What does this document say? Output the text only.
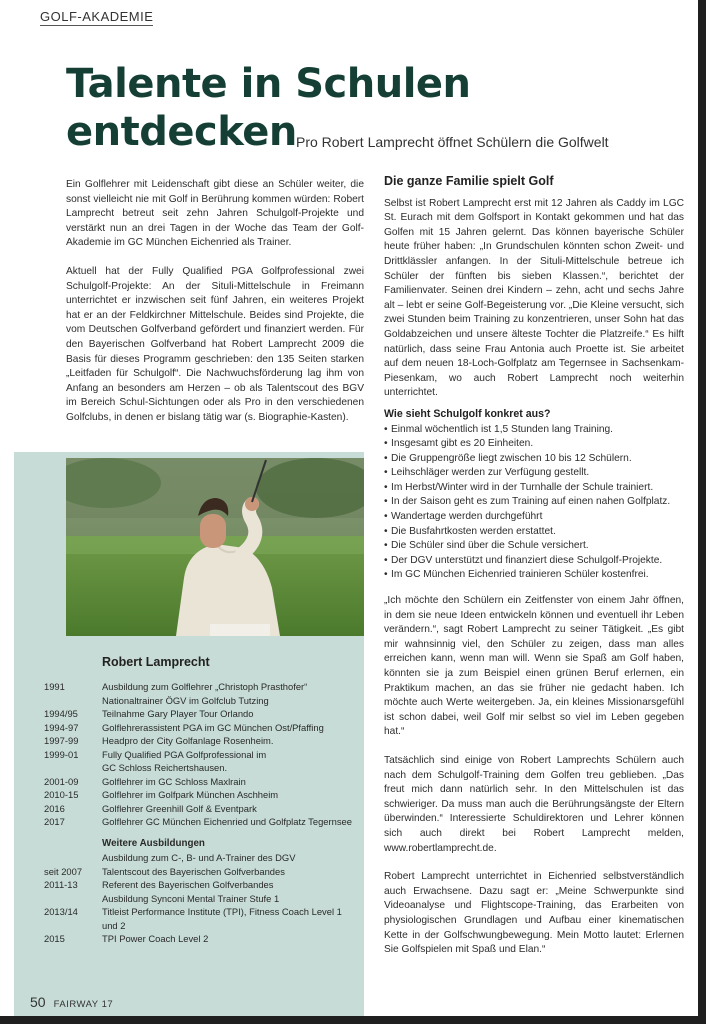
GOLF-AKADEMIE
Talente in Schulen
entdecken Pro Robert Lamprecht öffnet Schülern die Golfwelt

Ein Golflehrer mit Leidenschaft gibt diese an Schüler weiter, die sonst vielleicht nie mit Golf in Berührung kommen würden: Robert Lamprecht betreut seit zehn Jahren Schulgolf-Projekte und verstärkt nun an drei Tagen in der Woche das Team der Golf-Akademie im GC München Eichenried als Trainer.

Aktuell hat der Fully Qualified PGA Golfprofessional zwei Schulgolf-Projekte: An der Situli-Mittelschule in Freimann unterrichtet er inzwischen seit fünf Jahren, ein weiteres Projekt hat er an der Feldkirchner Mittelschule. Beides sind Projekte, die vom Deutschen Golfverband gefördert und finanziert werden. Für den Bayerischen Golfverband hat Robert Lamprecht 2009 die Basis für dieses Programm geschrieben: den 135 Seiten starken „Leitfaden für Schulgolf“. Die Nachwuchsförderung lag ihm von Anfang an besonders am Herzen – ob als Talentscout des BGV im Bereich Schul-Sichtungen oder als Pro in den verschiedenen Golfclubs, in denen er bislang tätig war (s. Biographie-Kasten).

Robert Lamprecht
1991	Ausbildung zum Golflehrer „Christoph Prasthofer“
Nationaltrainer ÖGV im Golfclub Tutzing
1994/95	Teilnahme Gary Player Tour Orlando
1994-97	Golflehrerassistent PGA im GC München Ost/Pfaffing
1997-99	Headpro der City Golfanlage Rosenheim.
1999-01	Fully Qualified PGA Golfprofessional im
GC Schloss Reichertshausen.
2001-09	Golflehrer im GC Schloss Maxlrain
2010-15	Golflehrer im Golfpark München Aschheim
2016	Golflehrer Greenhill Golf & Eventpark
2017	Golflehrer GC München Eichenried und Golfplatz Tegernsee
Weitere Ausbildungen
Ausbildung zum C-, B- und A-Trainer des DGV
seit 2007	Talentscout des Bayerischen Golfverbandes
2011-13	Referent des Bayerischen Golfverbandes
Ausbildung Synconi Mental Trainer Stufe 1
2013/14	Titleist Performance Institute (TPI), Fitness Coach Level 1
und 2
2015	TPI Power Coach Level 2
Die ganze Familie spielt Golf

Selbst ist Robert Lamprecht erst mit 12 Jahren als Caddy im LGC St. Eurach mit dem Golfsport in Kontakt gekommen und hat das Golfen mit 15 Jahren gelernt. Das können bayerische Schüler heute früher haben: „In Grundschulen könnten schon Zweit- und Drittklässler anfangen. In der Situli-Mittelschule betreue ich Schüler der fünften bis sieben Klassen.“, berichtet der Familienvater. Seinen drei Kindern – zehn, acht und sechs Jahre alt – lebt er seine Golf-Begeisterung vor. „Die Kleine versucht, sich zwei Stunden beim Training zu konzentrieren, unser Sohn hat das Goldabzeichen und unsere älteste Tochter die Platzreife.“ Es hilft natürlich, dass seine Frau Antonia auch Proette ist. Sie arbeitet auf dem neuen 18-Loch-Golfplatz am Tegernsee in Sachsenkam-Piesenkam, wo auch Robert Lamprecht noch weiterhin unterrichtet.

Wie sieht Schulgolf konkret aus?
• Einmal wöchentlich ist 1,5 Stunden lang Training.
• Insgesamt gibt es 20 Einheiten.
• Die Gruppengröße liegt zwischen 10 bis 12 Schülern.
• Leihschläger werden zur Verfügung gestellt.
• Im Herbst/Winter wird in der Turnhalle der Schule trainiert.
• In der Saison geht es zum Training auf einen nahen Golfplatz.
• Wandertage werden durchgeführt
• Die Busfahrtkosten werden erstattet.
• Die Schüler sind über die Schule versichert.
• Der DGV unterstützt und finanziert diese Schulgolf-Projekte.
• Im GC München Eichenried trainieren Schüler kostenfrei.

„Ich möchte den Schülern ein Zeitfenster von einem Jahr öffnen, in dem sie neue Ideen entwickeln können und eventuell ihr Leben verändern.“, sagt Robert Lamprecht zu seiner Tätigkeit. „Es gibt mir wahnsinnig viel, den Schüler zu zeigen, dass man alles erreichen kann, wenn man will. Wenn sie Spaß am Golf haben, könnten sie ja zum Beispiel einen grünen Beruf erlernen, ein Praktikum machen, an das sie früher nie gedacht haben. Ich möchte auch Werte weitergeben. Ja, ein kleines Missionarsgefühl ist schon dabei, weil Golf mir selbst so viel im Leben gegeben hat.“

Tatsächlich sind einige von Robert Lamprechts Schülern auch nach dem Schulgolf-Training dem Golfen treu geblieben. „Das freut mich dann natürlich sehr. In den Mittelschulen ist das schwieriger. Da muss man auch die Berührungsängste der Eltern überwinden.“ Interessierte Schuldirektoren und Lehrer können sich auch direkt bei Robert Lamprecht melden, www.robertlamprecht.de.

Robert Lamprecht unterrichtet in Eichenried selbstverständlich auch Erwachsene. Dazu sagt er: „Meine Schwerpunkte sind Videoanalyse und Flightscope-Training, das Erarbeiten von physiologischen Grundlagen und Aufbau einer kinematischen Kette in der Golfschwungbewegung. Mein Motto lautet: Erlernen Sie Golfspielen mit Spaß und Elan.“

50 FAIRWAY 17
